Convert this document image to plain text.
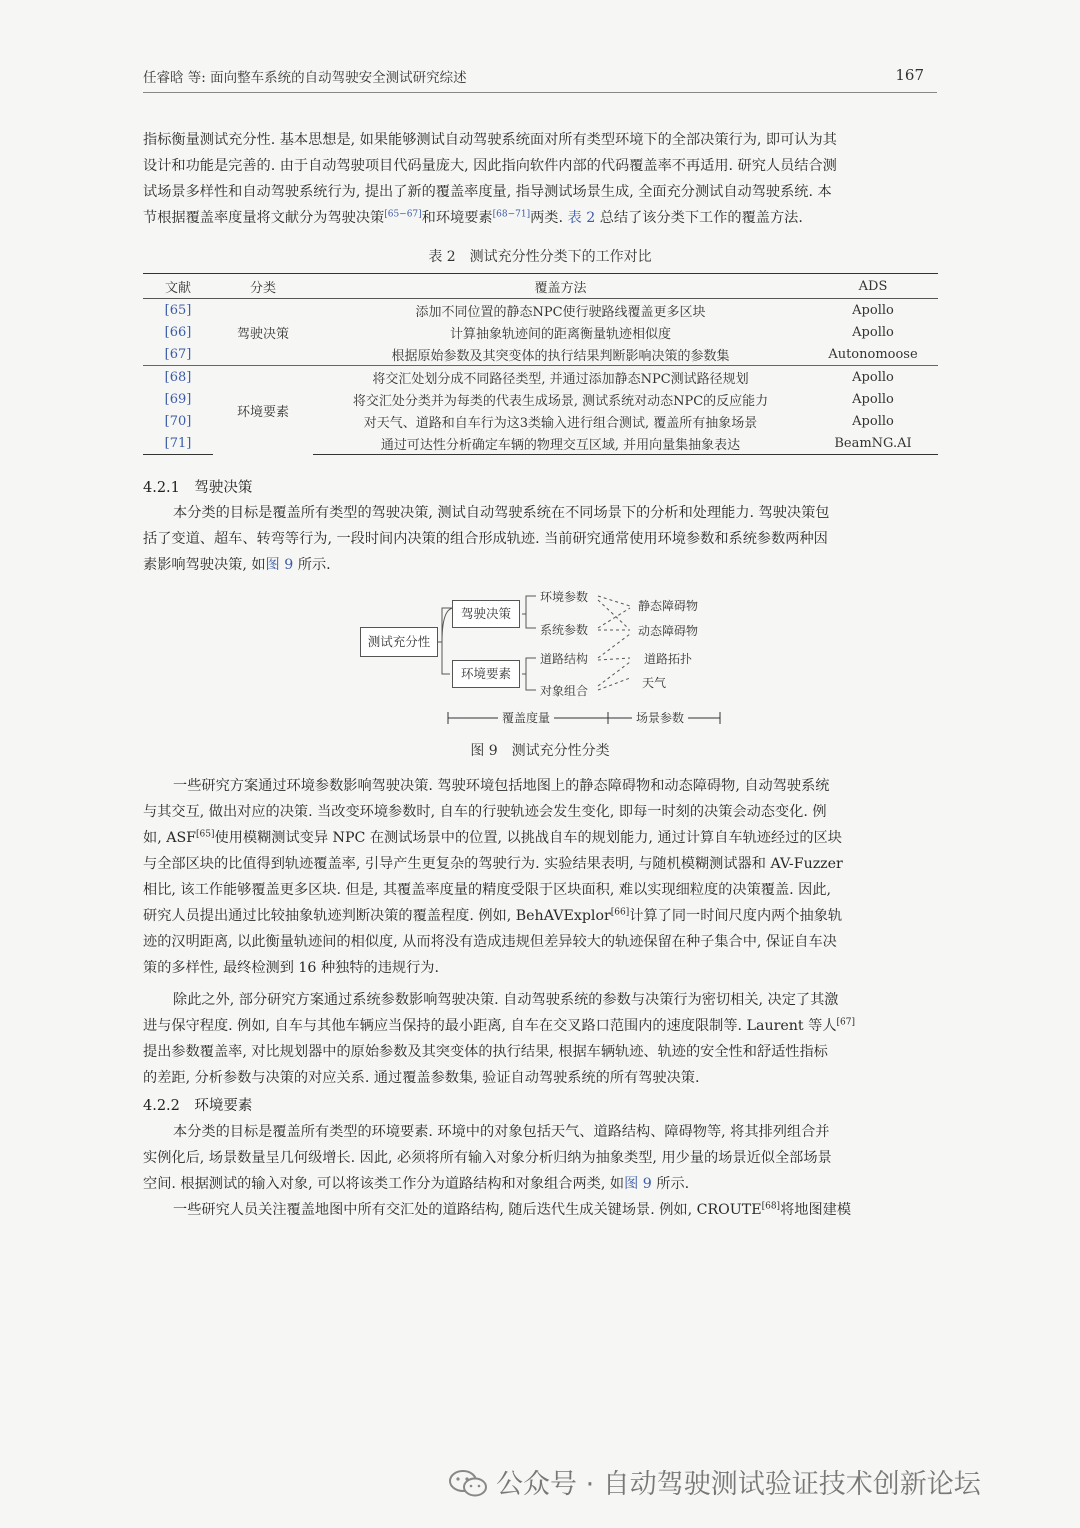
任睿晗 等: 面向整车系统的自动驾驶安全测试研究综述	167
指标衡量测试充分性. 基本思想是, 如果能够测试自动驾驶系统面对所有类型环境下的全部决策行为, 即可认为其
设计和功能是完善的. 由于自动驾驶项目代码量庞大, 因此指向软件内部的代码覆盖率不再适用. 研究人员结合测
试场景多样性和自动驾驶系统行为, 提出了新的覆盖率度量, 指导测试场景生成, 全面充分测试自动驾驶系统. 本
节根据覆盖率度量将文献分为驾驶决策[65−67]和环境要素[68−71]两类. 表 2 总结了该分类下工作的覆盖方法.
表 2　测试充分性分类下的工作对比
文献	分类	覆盖方法	ADS
[65]	驾驶决策	添加不同位置的静态NPC使行驶路线覆盖更多区块	Apollo
[66]		计算抽象轨迹间的距离衡量轨迹相似度	Apollo
[67]		根据原始参数及其突变体的执行结果判断影响决策的参数集	Autonomoose
[68]	环境要素	将交汇处划分成不同路径类型, 并通过添加静态NPC测试路径规划	Apollo
[69]		将交汇处分类并为每类的代表生成场景, 测试系统对动态NPC的反应能力	Apollo
[70]		对天气、道路和自车行为这3类输入进行组合测试, 覆盖所有抽象场景	Apollo
[71]		通过可达性分析确定车辆的物理交互区域, 并用向量集抽象表达	BeamNG.AI
4.2.1　驾驶决策
本分类的目标是覆盖所有类型的驾驶决策, 测试自动驾驶系统在不同场景下的分析和处理能力. 驾驶决策包
括了变道、超车、转弯等行为, 一段时间内决策的组合形成轨迹. 当前研究通常使用环境参数和系统参数两种因
素影响驾驶决策, 如图 9 所示.
测试充分性
驾驶决策
环境要素
环境参数
系统参数
道路结构
对象组合
静态障碍物
动态障碍物
道路拓扑
天气
覆盖度量	场景参数
图 9　测试充分性分类
一些研究方案通过环境参数影响驾驶决策. 驾驶环境包括地图上的静态障碍物和动态障碍物, 自动驾驶系统
与其交互, 做出对应的决策. 当改变环境参数时, 自车的行驶轨迹会发生变化, 即每一时刻的决策会动态变化. 例
如, ASF[65]使用模糊测试变异 NPC 在测试场景中的位置, 以挑战自车的规划能力, 通过计算自车轨迹经过的区块
与全部区块的比值得到轨迹覆盖率, 引导产生更复杂的驾驶行为. 实验结果表明, 与随机模糊测试器和 AV-Fuzzer
相比, 该工作能够覆盖更多区块. 但是, 其覆盖率度量的精度受限于区块面积, 难以实现细粒度的决策覆盖. 因此,
研究人员提出通过比较抽象轨迹判断决策的覆盖程度. 例如, BehAVExplor[66]计算了同一时间尺度内两个抽象轨
迹的汉明距离, 以此衡量轨迹间的相似度, 从而将没有造成违规但差异较大的轨迹保留在种子集合中, 保证自车决
策的多样性, 最终检测到 16 种独特的违规行为.
除此之外, 部分研究方案通过系统参数影响驾驶决策. 自动驾驶系统的参数与决策行为密切相关, 决定了其激
进与保守程度. 例如, 自车与其他车辆应当保持的最小距离, 自车在交叉路口范围内的速度限制等. Laurent 等人[67]
提出参数覆盖率, 对比规划器中的原始参数及其突变体的执行结果, 根据车辆轨迹、轨迹的安全性和舒适性指标
的差距, 分析参数与决策的对应关系. 通过覆盖参数集, 验证自动驾驶系统的所有驾驶决策.
4.2.2　环境要素
本分类的目标是覆盖所有类型的环境要素. 环境中的对象包括天气、道路结构、障碍物等, 将其排列组合并
实例化后, 场景数量呈几何级增长. 因此, 必须将所有输入对象分析归纳为抽象类型, 用少量的场景近似全部场景
空间. 根据测试的输入对象, 可以将该类工作分为道路结构和对象组合两类, 如图 9 所示.
一些研究人员关注覆盖地图中所有交汇处的道路结构, 随后迭代生成关键场景. 例如, CROUTE[68]将地图建模
公众号 · 自动驾驶测试验证技术创新论坛
